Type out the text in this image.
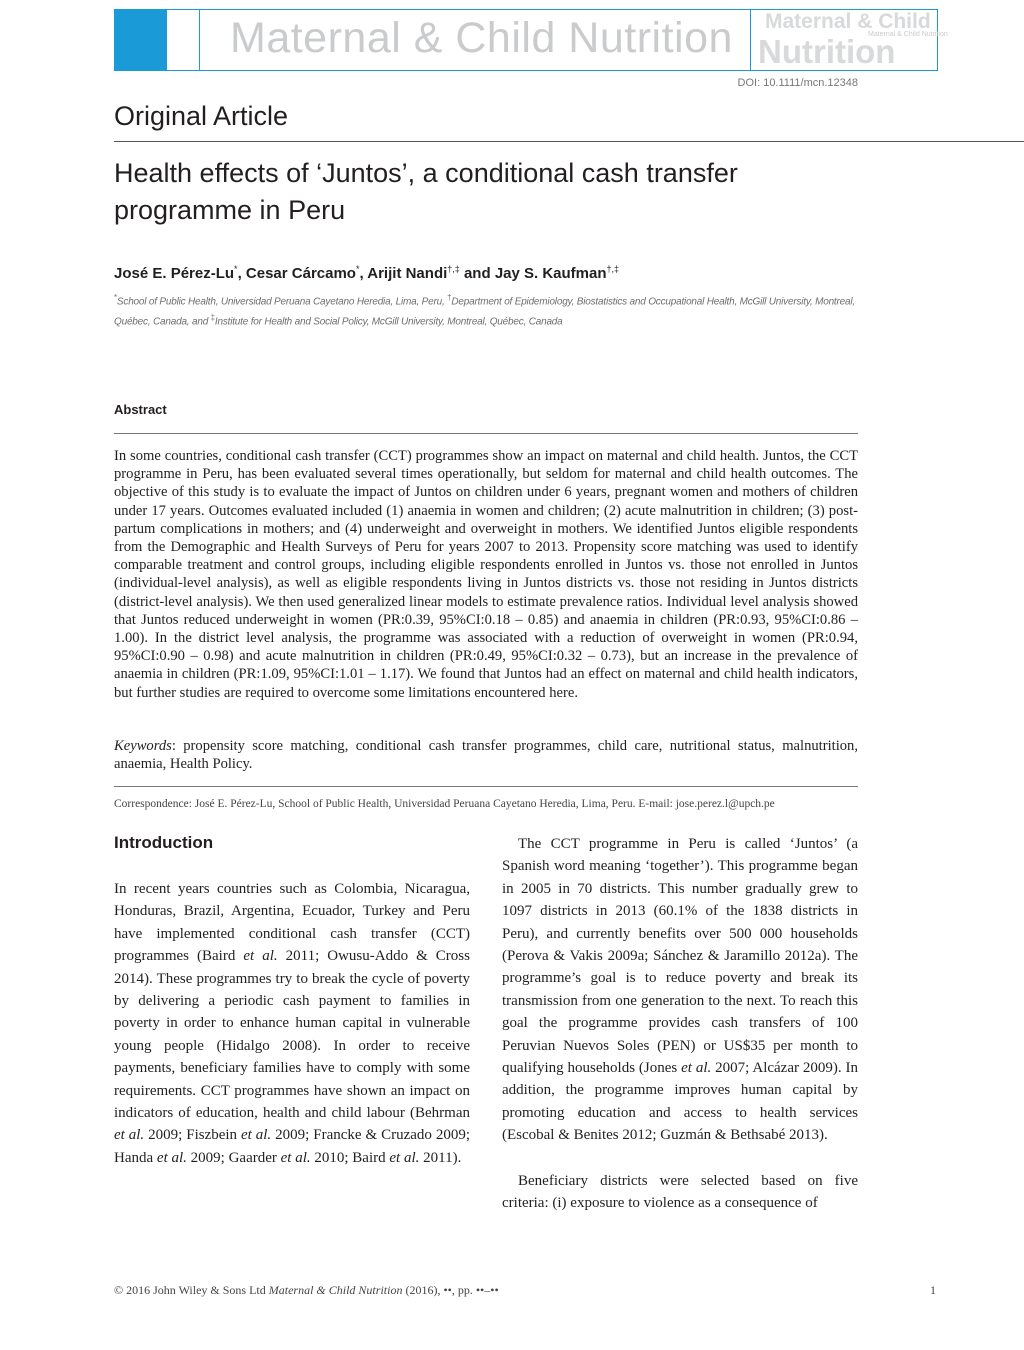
Maternal & Child Nutrition Maternal & Child
Nutrition
Maternal & Child Nutrition
DOI: 10.1111/mcn.12348
Original Article
Health effects of ‘Juntos’, a conditional cash transfer programme in Peru
José E. Pérez-Lu*, Cesar Cárcamo*, Arijit Nandi†,‡ and Jay S. Kaufman†,‡
*School of Public Health, Universidad Peruana Cayetano Heredia, Lima, Peru, †Department of Epidemiology, Biostatistics and Occupational Health, McGill University, Montreal, Québec, Canada, and ‡Institute for Health and Social Policy, McGill University, Montreal, Québec, Canada
Abstract

In some countries, conditional cash transfer (CCT) programmes show an impact on maternal and child health. Juntos, the CCT programme in Peru, has been evaluated several times operationally, but seldom for maternal and child health outcomes. The objective of this study is to evaluate the impact of Juntos on children under 6 years, pregnant women and mothers of children under 17 years. Outcomes evaluated included (1) anaemia in women and children; (2) acute malnutrition in children; (3) post-partum complications in mothers; and (4) underweight and overweight in mothers. We identified Juntos eligible respondents from the Demographic and Health Surveys of Peru for years 2007 to 2013. Propensity score matching was used to identify comparable treatment and control groups, including eligible respondents enrolled in Juntos vs. those not enrolled in Juntos (individual-level analysis), as well as eligible respondents living in Juntos districts vs. those not residing in Juntos districts (district-level analysis). We then used generalized linear models to estimate prevalence ratios. Individual level analysis showed that Juntos reduced underweight in women (PR:0.39, 95%CI:0.18 – 0.85) and anaemia in children (PR:0.93, 95%CI:0.86 – 1.00). In the district level analysis, the programme was associated with a reduction of overweight in women (PR:0.94, 95%CI:0.90 – 0.98) and acute malnutrition in children (PR:0.49, 95%CI:0.32 – 0.73), but an increase in the prevalence of anaemia in children (PR:1.09, 95%CI:1.01 – 1.17). We found that Juntos had an effect on maternal and child health indicators, but further studies are required to overcome some limitations encountered here.

Keywords: propensity score matching, conditional cash transfer programmes, child care, nutritional status, malnutrition, anaemia, Health Policy.
Correspondence: José E. Pérez-Lu, School of Public Health, Universidad Peruana Cayetano Heredia, Lima, Peru. E-mail: jose.perez.l@upch.pe
Introduction

In recent years countries such as Colombia, Nicaragua, Honduras, Brazil, Argentina, Ecuador, Turkey and Peru have implemented conditional cash transfer (CCT) programmes (Baird et al. 2011; Owusu-Addo & Cross 2014). These programmes try to break the cycle of poverty by delivering a periodic cash payment to families in poverty in order to enhance human capital in vulnerable young people (Hidalgo 2008). In order to receive payments, beneficiary families have to comply with some requirements. CCT programmes have shown an impact on indicators of education, health and child labour (Behrman et al. 2009; Fiszbein et al. 2009; Francke & Cruzado 2009; Handa et al. 2009; Gaarder et al. 2010; Baird et al. 2011).

The CCT programme in Peru is called ‘Juntos’ (a Spanish word meaning ‘together’). This programme began in 2005 in 70 districts. This number gradually grew to 1097 districts in 2013 (60.1% of the 1838 districts in Peru), and currently benefits over 500 000 households (Perova & Vakis 2009a; Sánchez & Jaramillo 2012a). The programme’s goal is to reduce poverty and break its transmission from one generation to the next. To reach this goal the programme provides cash transfers of 100 Peruvian Nuevos Soles (PEN) or US$35 per month to qualifying households (Jones et al. 2007; Alcázar 2009). In addition, the programme improves human capital by promoting education and access to health services (Escobal & Benites 2012; Guzmán & Bethsabé 2013).

Beneficiary districts were selected based on five criteria: (i) exposure to violence as a consequence of

© 2016 John Wiley & Sons Ltd Maternal & Child Nutrition (2016), ••, pp. ••–••	1
